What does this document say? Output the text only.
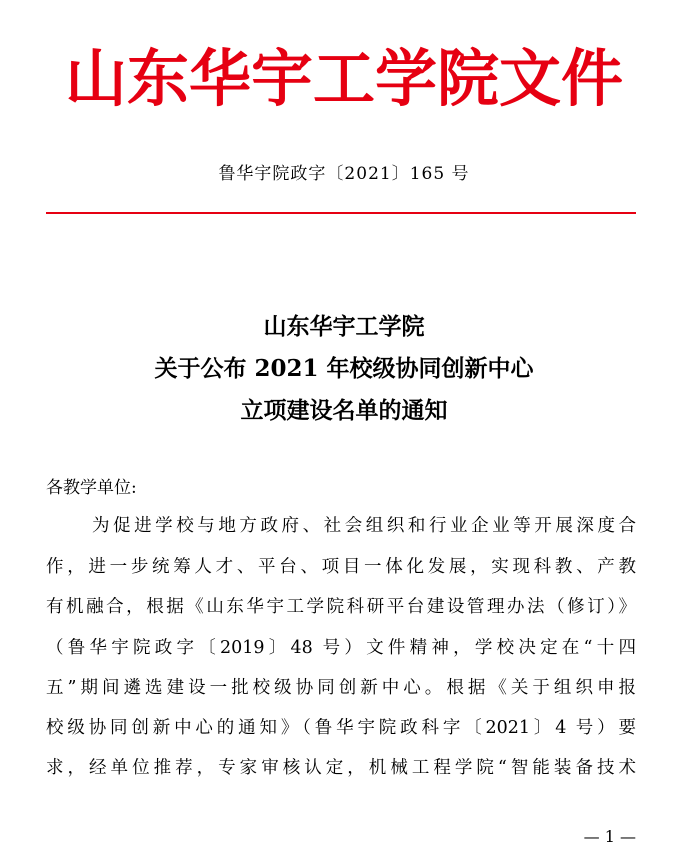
山东华宇工学院文件
鲁华宇院政字〔2021〕165 号
山东华宇工学院
关于公布 2021 年校级协同创新中心
立项建设名单的通知
各教学单位:
为促进学校与地方政府、社会组织和行业企业等开展深度合
作，进一步统筹人才、平台、项目一体化发展，实现科教、产教
有机融合，根据《山东华宇工学院科研平台建设管理办法（修订）》
（鲁华宇院政字〔2019〕48 号）文件精神，学校决定在“十四
五”期间遴选建设一批校级协同创新中心。根据《关于组织申报
校级协同创新中心的通知》（鲁华宇院政科字〔2021〕4 号）要
求，经单位推荐，专家审核认定，机械工程学院“智能装备技术
— 1 —
